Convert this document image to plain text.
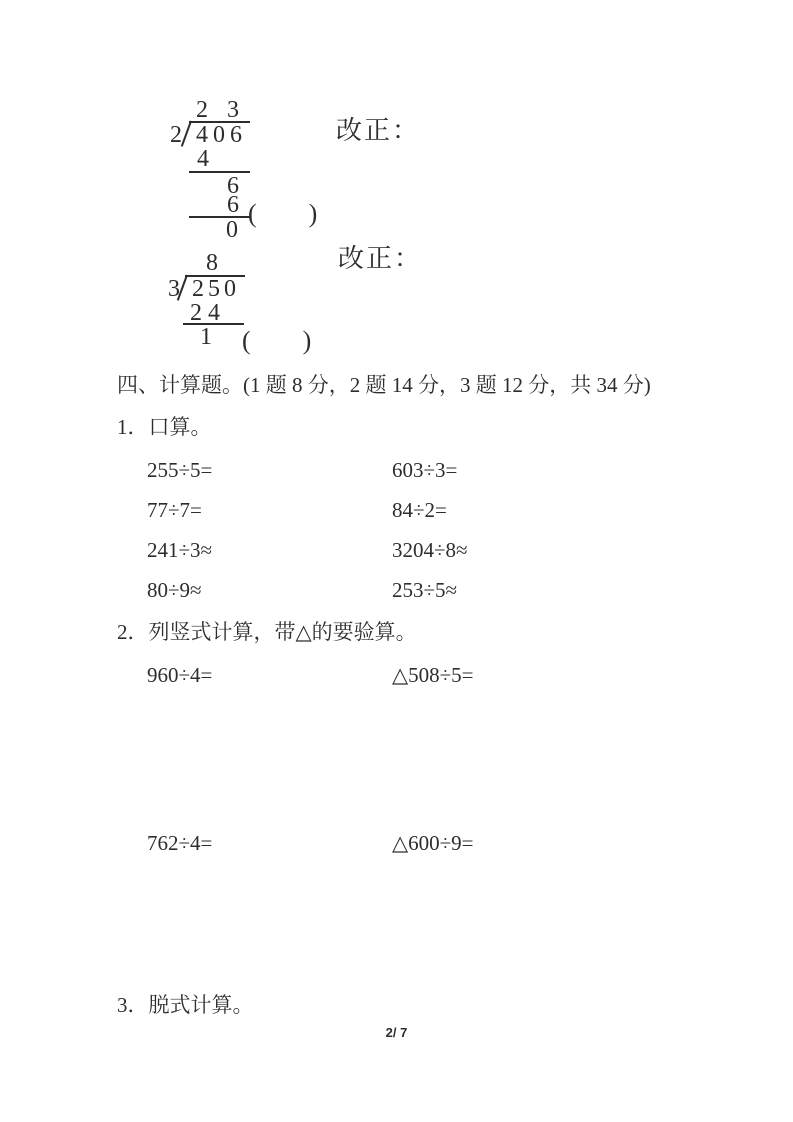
2 3
2 406
4
6
6
0
(        )
改正：
8
3 250
24
1 (        )
改正：
四、计算题。(1 题 8 分，2 题 14 分，3 题 12 分，共 34 分)
1．口算。
255÷5=	603÷3=
77÷7=	84÷2=
241÷3≈	3204÷8≈
80÷9≈	253÷5≈
2．列竖式计算，带△的要验算。
960÷4=	△508÷5=
762÷4=	△600÷9=
3．脱式计算。
2/ 7
